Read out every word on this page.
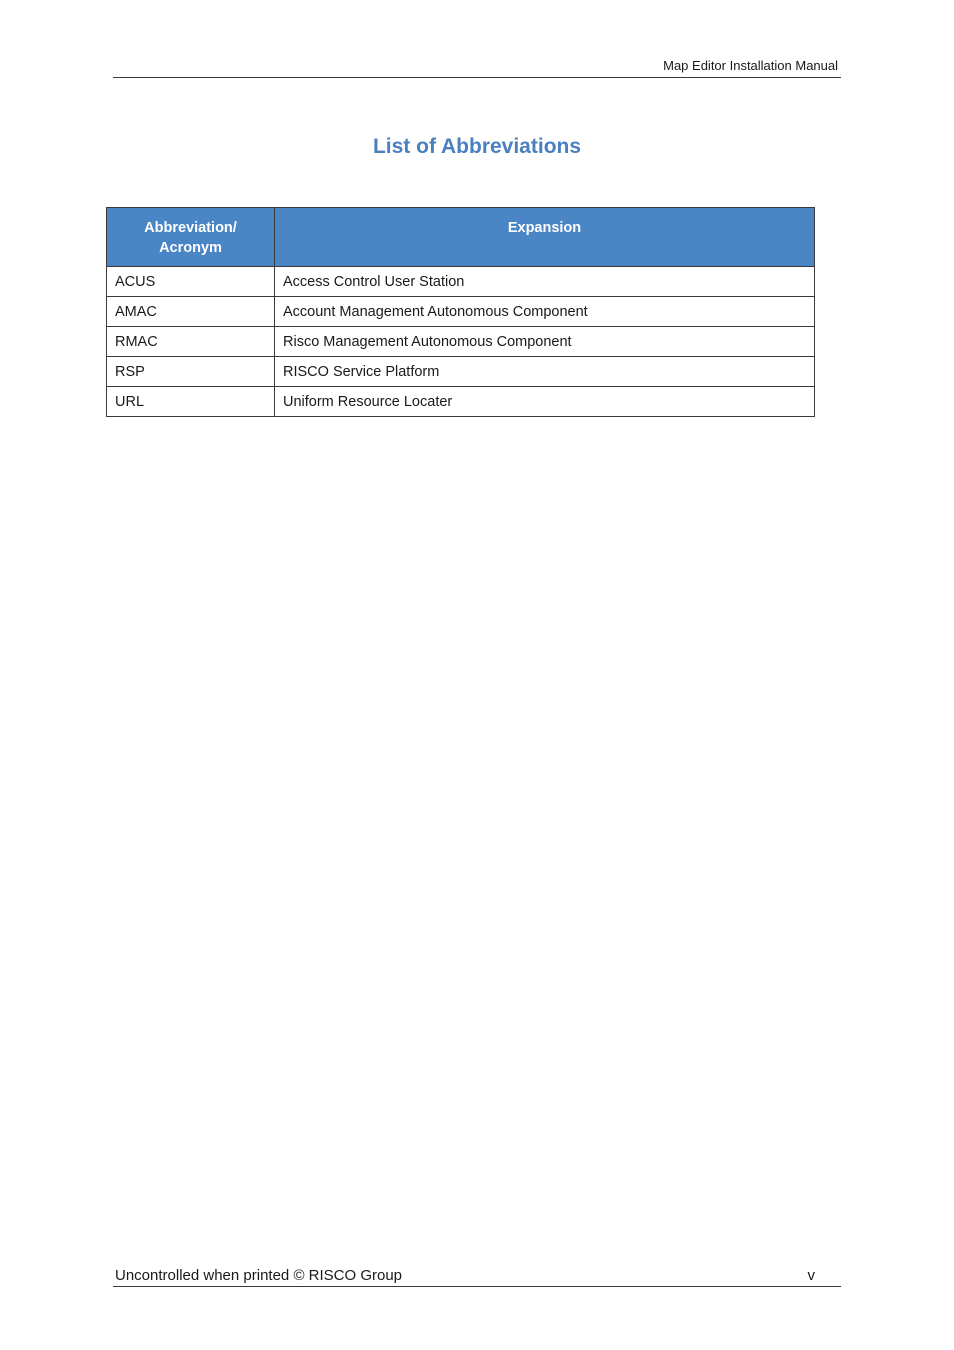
Map Editor Installation Manual
List of Abbreviations
Abbreviation/
Acronym	Expansion
ACUS	Access Control User Station
AMAC	Account Management Autonomous Component
RMAC	Risco Management Autonomous Component
RSP	RISCO Service Platform
URL	Uniform Resource Locater
Uncontrolled when printed © RISCO Group	v
